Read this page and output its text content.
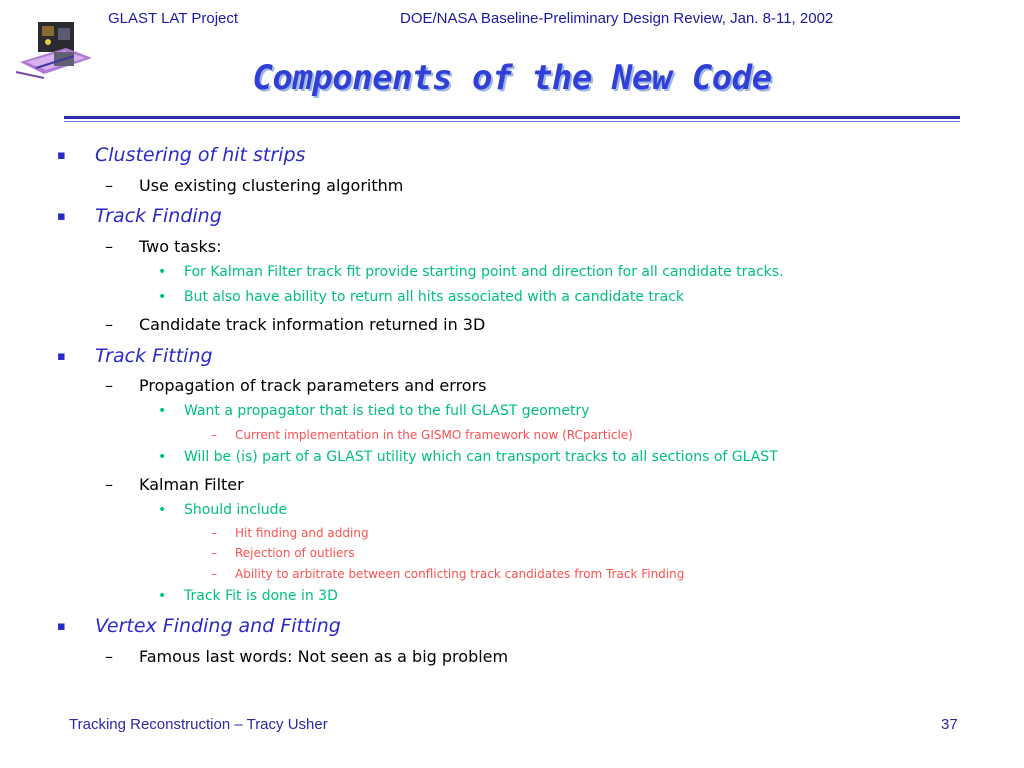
GLAST LAT Project	DOE/NASA Baseline-Preliminary Design Review, Jan. 8-11, 2002
Components of the New Code
▪ Clustering of hit strips
– Use existing clustering algorithm
▪ Track Finding
– Two tasks:
• For Kalman Filter track fit provide starting point and direction for all candidate tracks.
• But also have ability to return all hits associated with a candidate track
– Candidate track information returned in 3D
▪ Track Fitting
– Propagation of track parameters and errors
• Want a propagator that is tied to the full GLAST geometry
– Current implementation in the GISMO framework now (RCparticle)
• Will be (is) part of a GLAST utility which can transport tracks to all sections of GLAST
– Kalman Filter
• Should include
– Hit finding and adding
– Rejection of outliers
– Ability to arbitrate between conflicting track candidates from Track Finding
• Track Fit is done in 3D
▪ Vertex Finding and Fitting
– Famous last words: Not seen as a big problem
Tracking Reconstruction – Tracy Usher	37
